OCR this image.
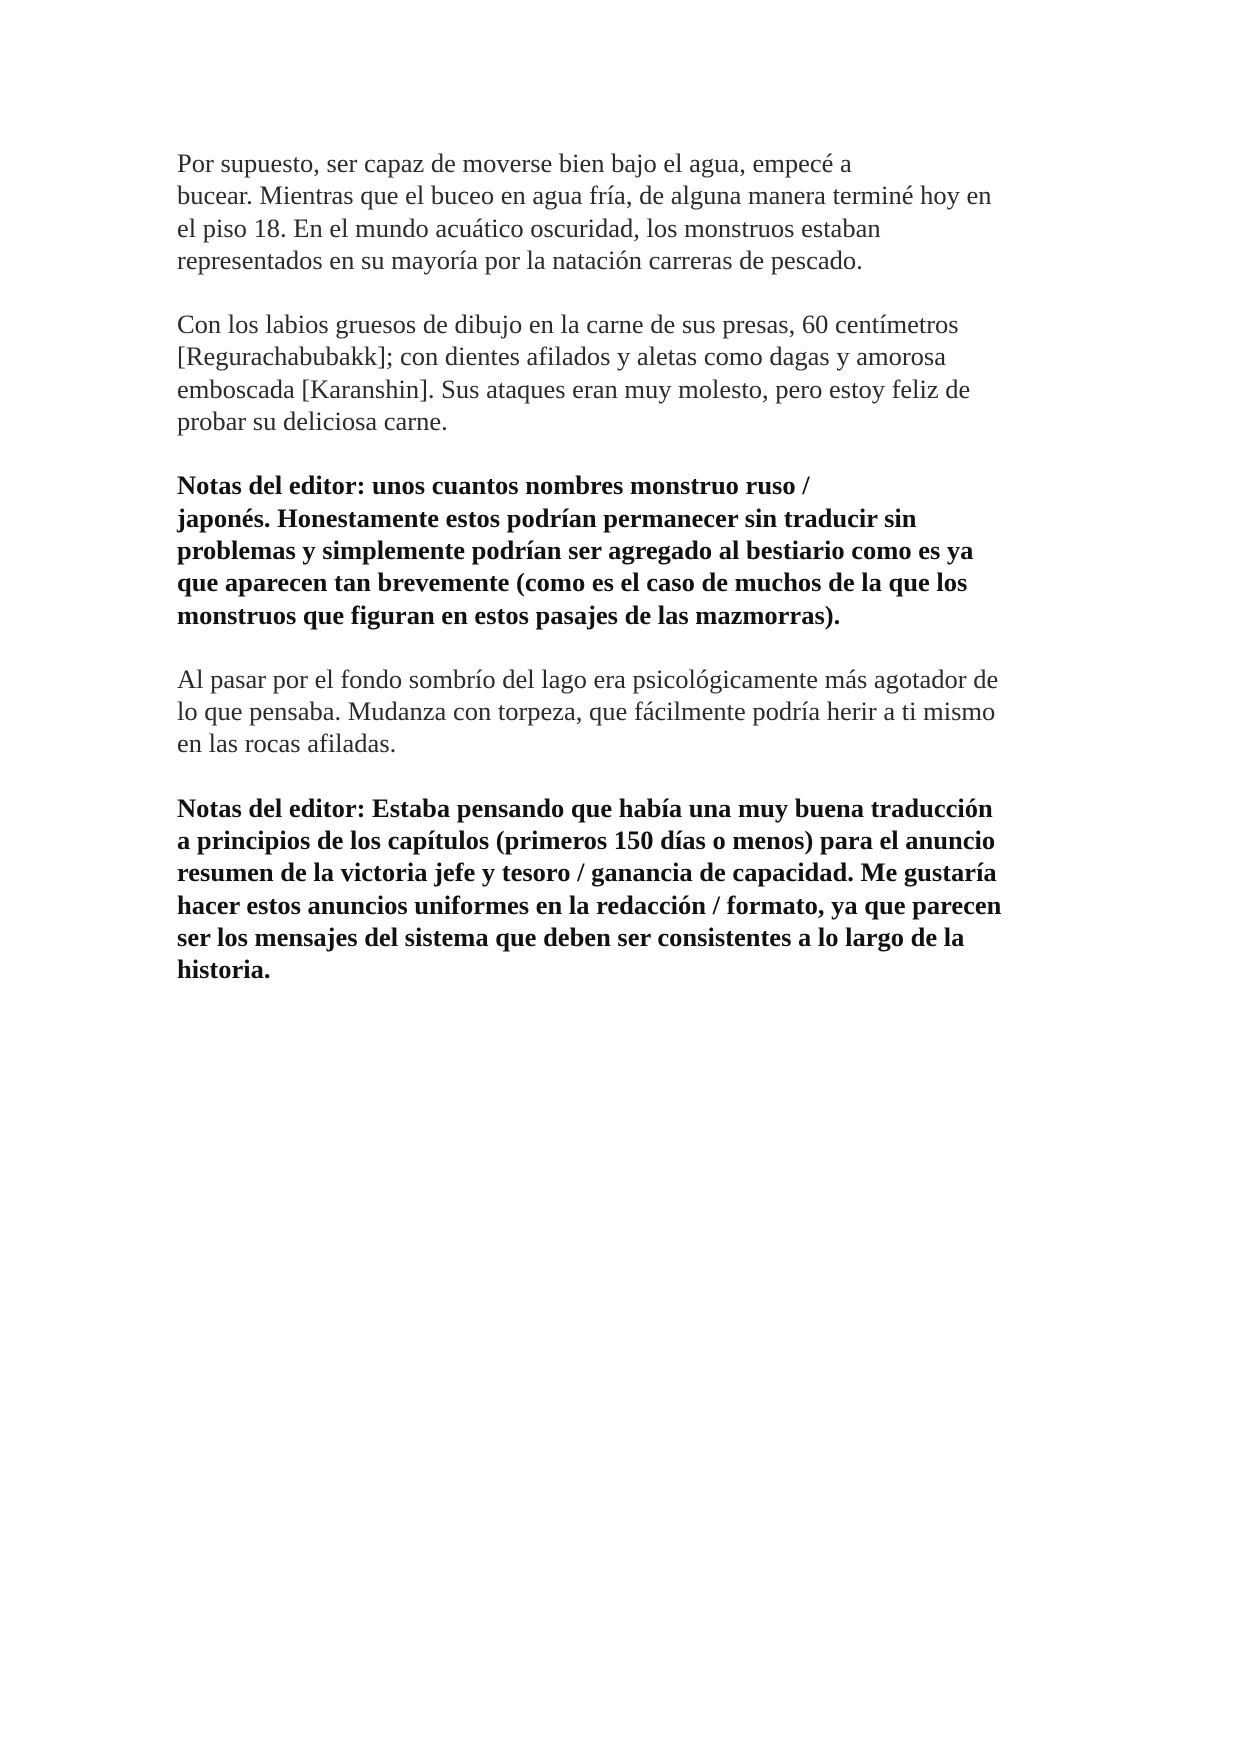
Por supuesto, ser capaz de moverse bien bajo el agua, empecé a
bucear. Mientras que el buceo en agua fría, de alguna manera terminé hoy en
el piso 18. En el mundo acuático oscuridad, los monstruos estaban
representados en su mayoría por la natación carreras de pescado.

Con los labios gruesos de dibujo en la carne de sus presas, 60 centímetros
[Regurachabubakk]; con dientes afilados y aletas como dagas y amorosa
emboscada [Karanshin]. Sus ataques eran muy molesto, pero estoy feliz de
probar su deliciosa carne.

Notas del editor: unos cuantos nombres monstruo ruso /
japonés. Honestamente estos podrían permanecer sin traducir sin
problemas y simplemente podrían ser agregado al bestiario como es ya
que aparecen tan brevemente (como es el caso de muchos de la que los
monstruos que figuran en estos pasajes de las mazmorras).

Al pasar por el fondo sombrío del lago era psicológicamente más agotador de
lo que pensaba. Mudanza con torpeza, que fácilmente podría herir a ti mismo
en las rocas afiladas.

Notas del editor: Estaba pensando que había una muy buena traducción
a principios de los capítulos (primeros 150 días o menos) para el anuncio
resumen de la victoria jefe y tesoro / ganancia de capacidad. Me gustaría
hacer estos anuncios uniformes en la redacción / formato, ya que parecen
ser los mensajes del sistema que deben ser consistentes a lo largo de la
historia.
